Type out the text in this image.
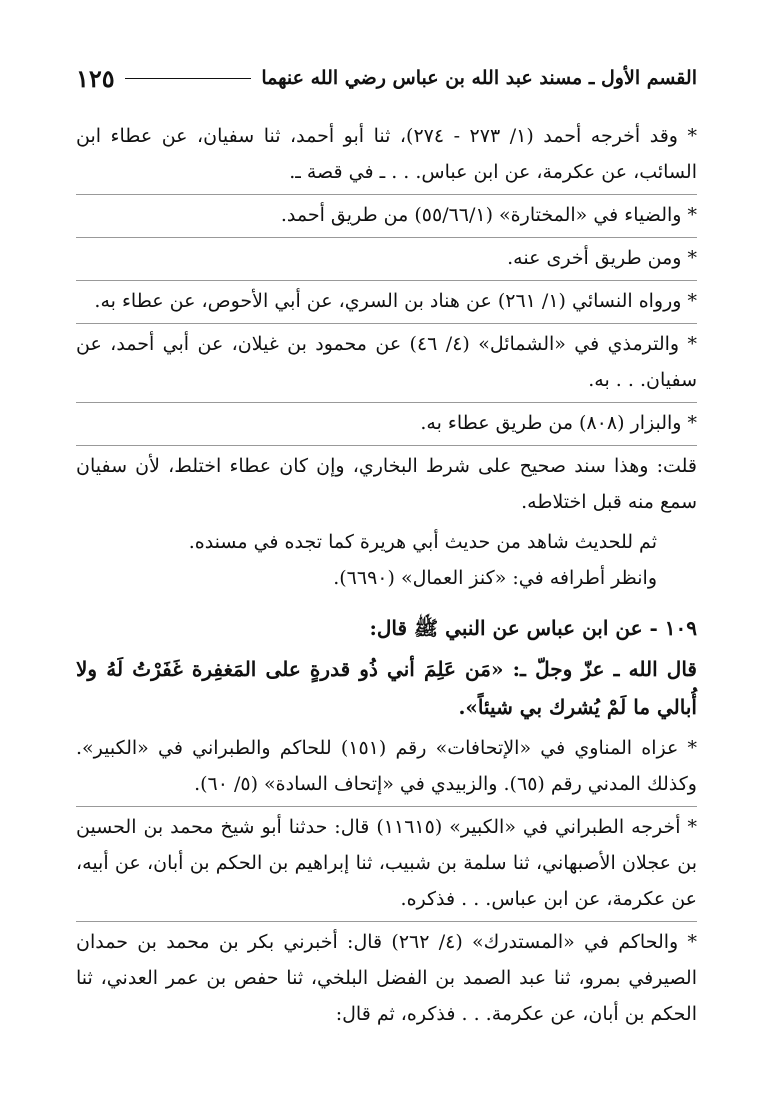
القسم الأول ـ مسند عبد الله بن عباس رضي الله عنهما
١٢٥

* وقد أخرجه أحمد (١/ ٢٧٣ - ٢٧٤)، ثنا أبو أحمد، ثنا سفيان، عن عطاء ابن السائب، عن عكرمة، عن ابن عباس. . . ـ في قصة ـ.

* والضياء في «المختارة» (٥٥/٦٦/١) من طريق أحمد.

* ومن طريق أخرى عنه.

* ورواه النسائي (١/ ٢٦١) عن هناد بن السري، عن أبي الأحوص، عن عطاء به.

* والترمذي في «الشمائل» (٤/ ٤٦) عن محمود بن غيلان، عن أبي أحمد، عن سفيان. . . به.

* والبزار (٨٠٨) من طريق عطاء به.

قلت: وهذا سند صحيح على شرط البخاري، وإن كان عطاء اختلط، لأن سفيان سمع منه قبل اختلاطه.

ثم للحديث شاهد من حديث أبي هريرة كما تجده في مسنده.

وانظر أطرافه في: «كنز العمال» (٦٦٩٠).

١٠٩ - عن ابن عباس عن النبي ﷺ قال:

قال الله ـ عزّ وجلّ ـ: «مَن عَلِمَ أني ذُو قدرةٍ على المَغفِرة غَفَرْتُ لَهُ ولا أُبالي ما لَمْ يُشرك بي شيئاً».

* عزاه المناوي في «الإتحافات» رقم (١٥١) للحاكم والطبراني في «الكبير». وكذلك المدني رقم (٦٥). والزبيدي في «إتحاف السادة» (٥/ ٦٠).

* أخرجه الطبراني في «الكبير» (١١٦١٥) قال: حدثنا أبو شيخ محمد بن الحسين بن عجلان الأصبهاني، ثنا سلمة بن شبيب، ثنا إبراهيم بن الحكم بن أبان، عن أبيه، عن عكرمة، عن ابن عباس. . . فذكره.

* والحاكم في «المستدرك» (٤/ ٢٦٢) قال: أخبرني بكر بن محمد بن حمدان الصيرفي بمرو، ثنا عبد الصمد بن الفضل البلخي، ثنا حفص بن عمر العدني، ثنا الحكم بن أبان، عن عكرمة. . . فذكره، ثم قال:
